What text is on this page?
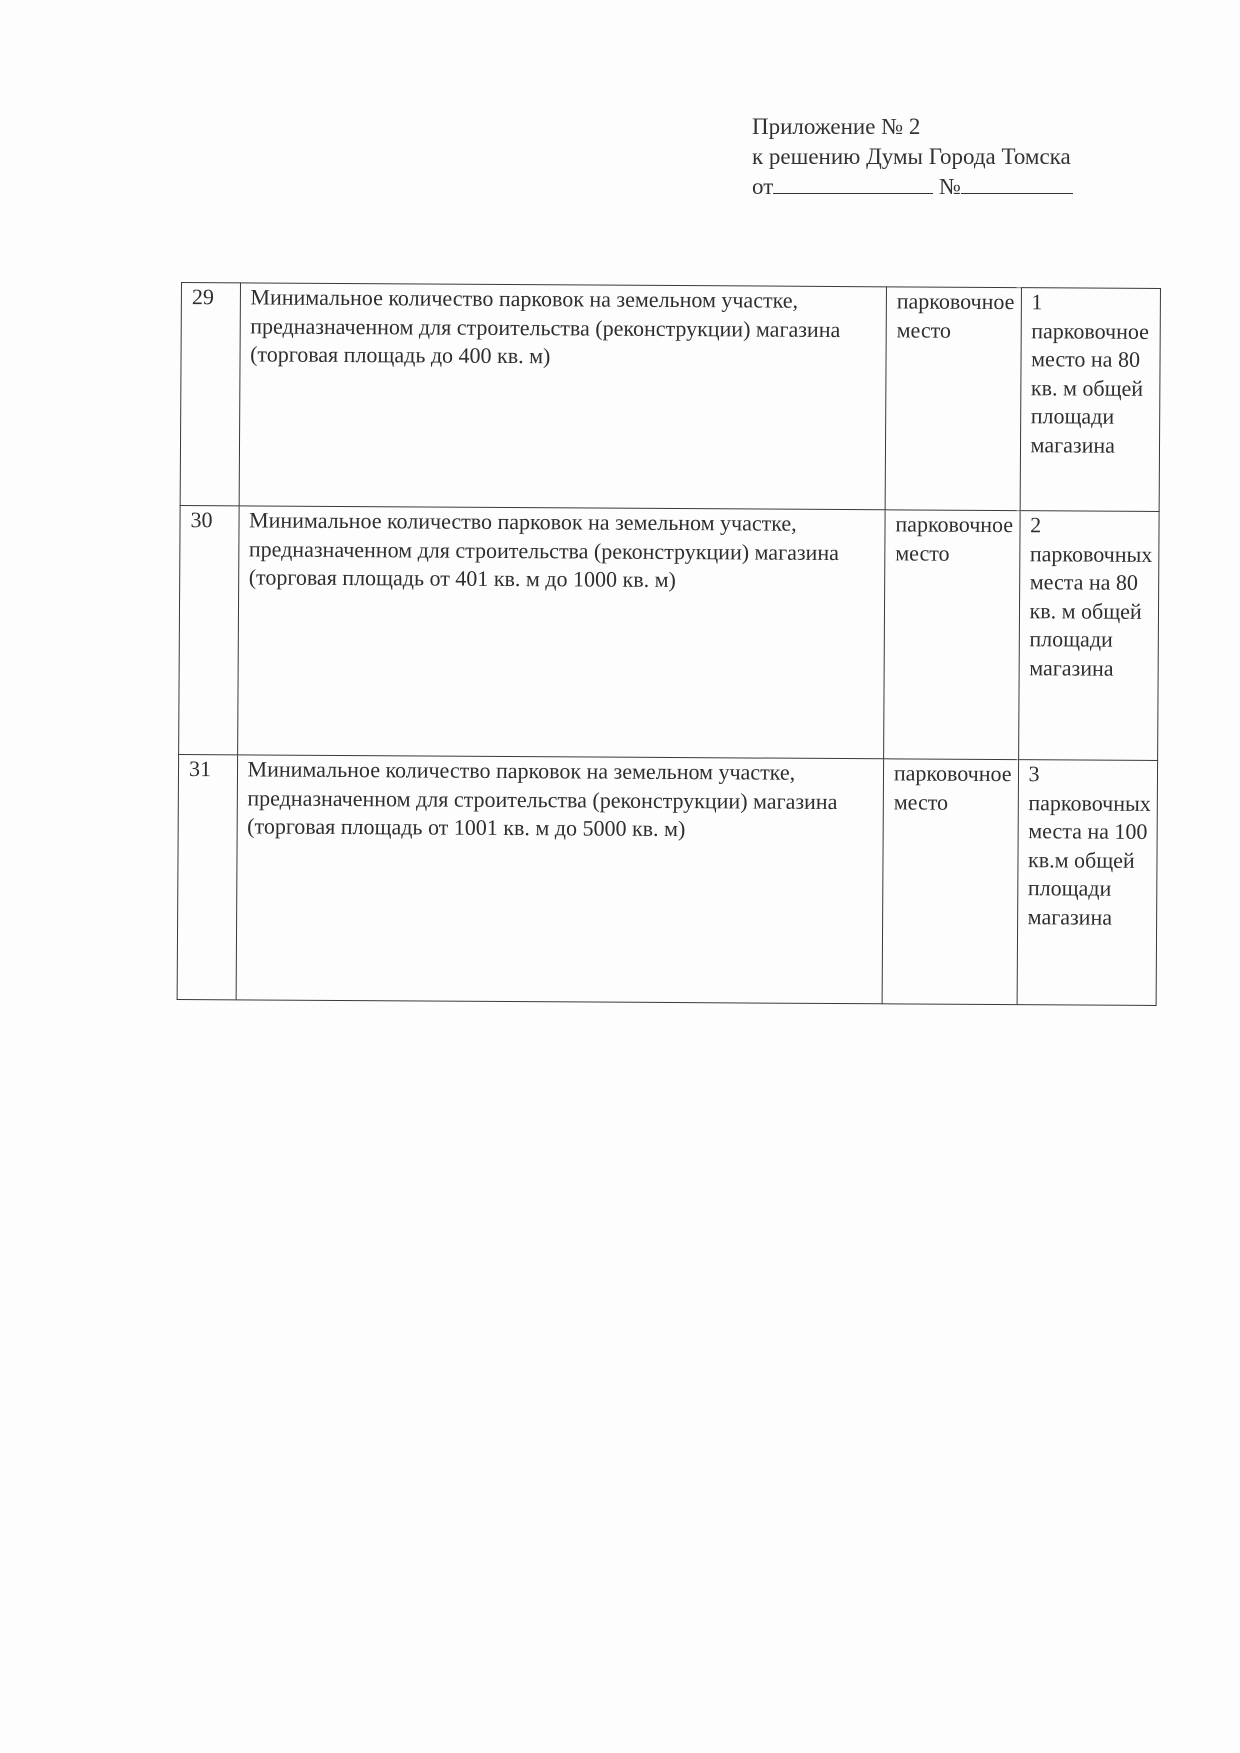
Приложение № 2
к решению Думы Города Томска
от	№
29	Минимальное количество парковок на земельном участке, предназначенном для строительства (реконструкции) магазина (торговая площадь до 400 кв. м)	парковочное место	1 парковочное место на 80 кв. м общей площади магазина
30	Минимальное количество парковок на земельном участке, предназначенном для строительства (реконструкции) магазина (торговая площадь от 401 кв. м до 1000 кв. м)	парковочное место	2 парковочных места на 80 кв. м общей площади магазина
31	Минимальное количество парковок на земельном участке, предназначенном для строительства (реконструкции) магазина (торговая площадь от 1001 кв. м до 5000 кв. м)	парковочное место	3 парковочных места на 100 кв.м общей площади магазина
